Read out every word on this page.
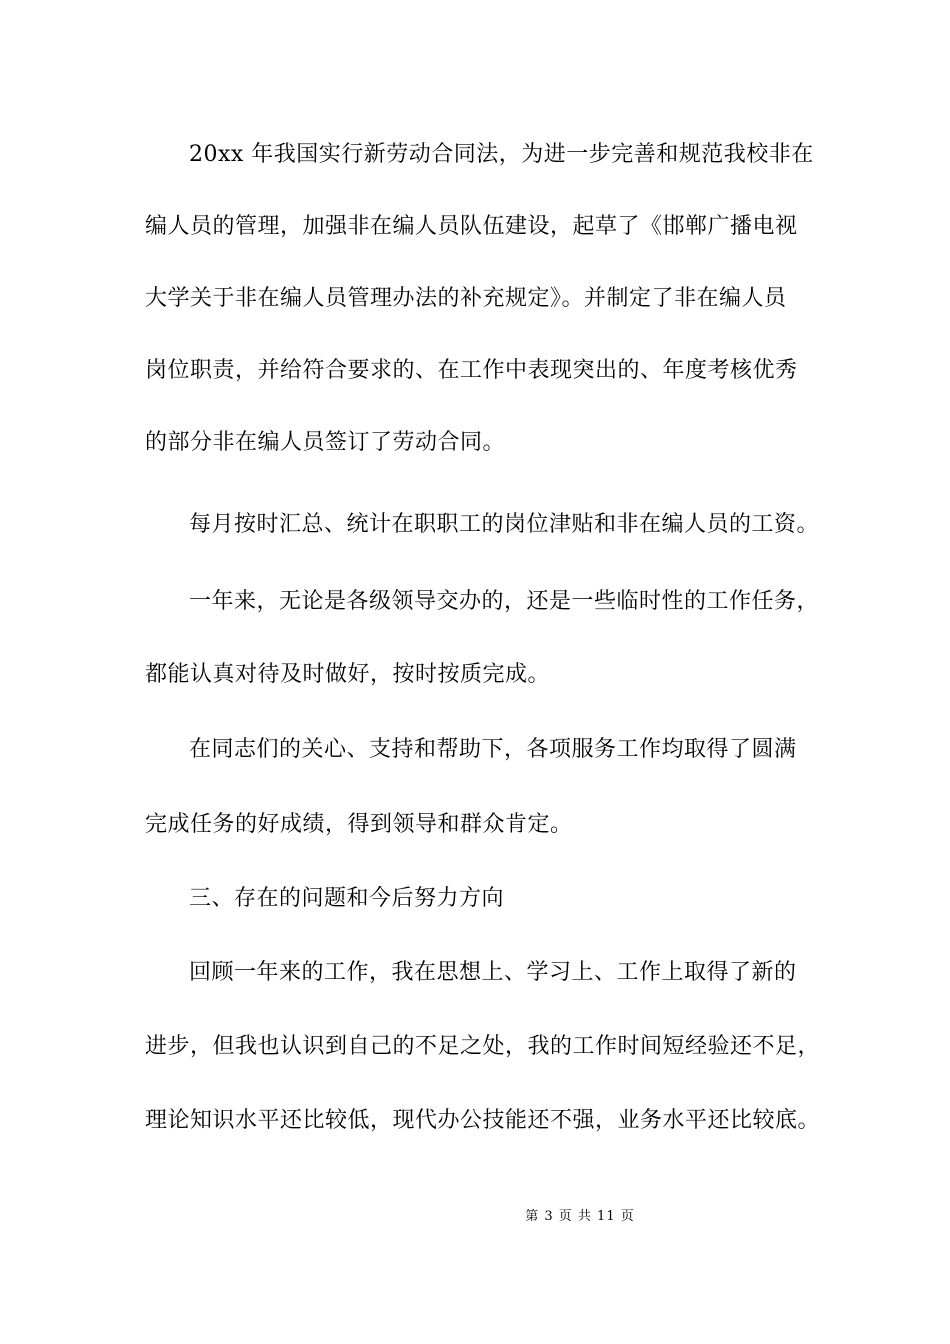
20xx 年我国实行新劳动合同法，为进一步完善和规范我校非在
编人员的管理，加强非在编人员队伍建设，起草了《邯郸广播电视
大学关于非在编人员管理办法的补充规定》。并制定了非在编人员
岗位职责，并给符合要求的、在工作中表现突出的、年度考核优秀
的部分非在编人员签订了劳动合同。
每月按时汇总、统计在职职工的岗位津贴和非在编人员的工资。
一年来，无论是各级领导交办的，还是一些临时性的工作任务，
都能认真对待及时做好，按时按质完成。
在同志们的关心、支持和帮助下，各项服务工作均取得了圆满
完成任务的好成绩，得到领导和群众肯定。
三、存在的问题和今后努力方向
回顾一年来的工作，我在思想上、学习上、工作上取得了新的
进步，但我也认识到自己的不足之处，我的工作时间短经验还不足，
理论知识水平还比较低，现代办公技能还不强，业务水平还比较底。
第 3 页 共 11 页
